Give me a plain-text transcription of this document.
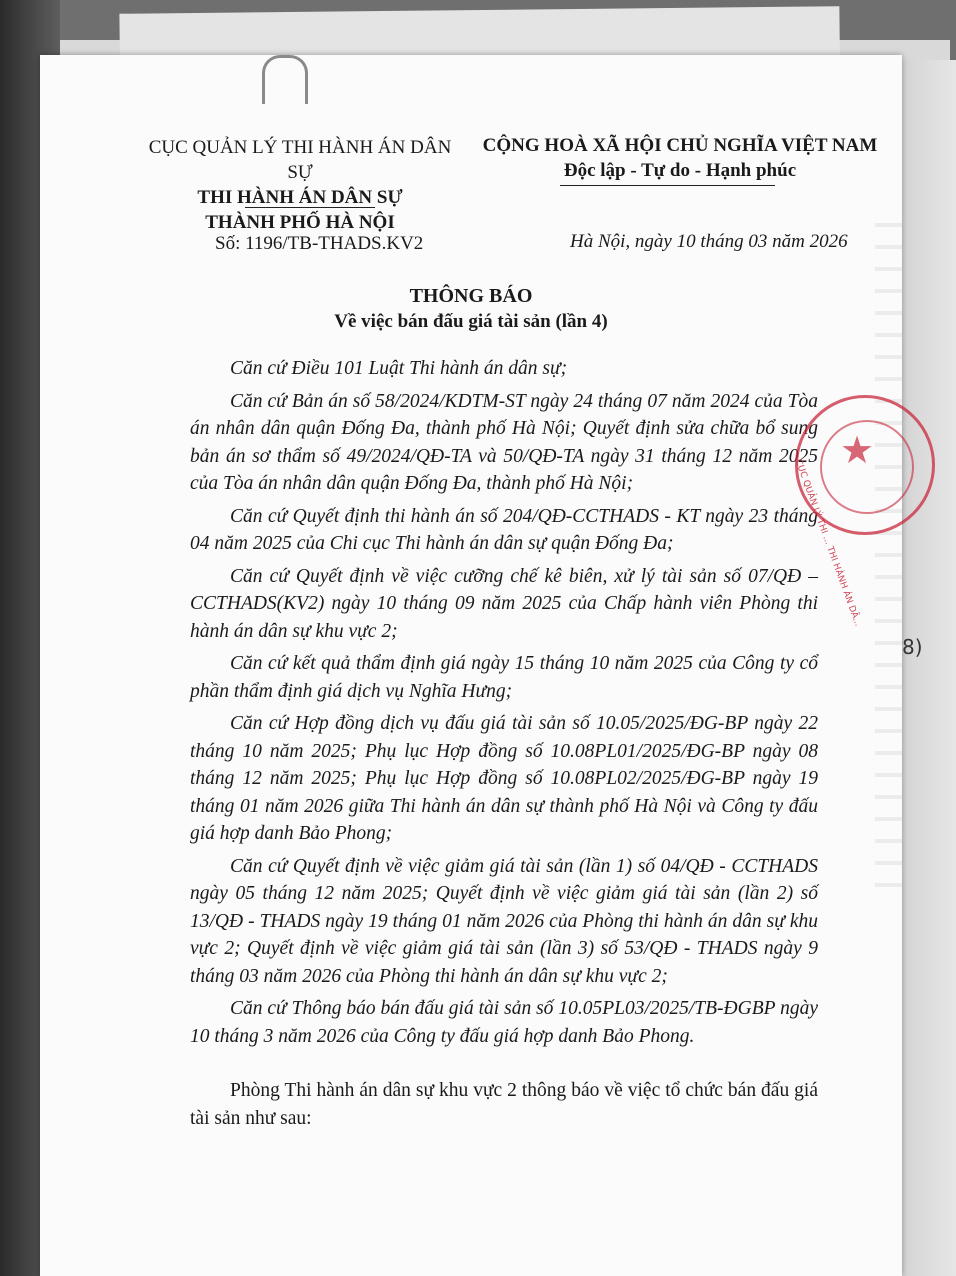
CỤC QUẢN LÝ THI HÀNH ÁN DÂN SỰ
THI HÀNH ÁN DÂN SỰ
THÀNH PHỐ HÀ NỘI
CỘNG HOÀ XÃ HỘI CHỦ NGHĨA VIỆT NAM
Độc lập - Tự do - Hạnh phúc
Số: 1196/TB-THADS.KV2	Hà Nội, ngày 10 tháng 03 năm 2026
THÔNG BÁO
Về việc bán đấu giá tài sản (lần 4)

Căn cứ Điều 101 Luật Thi hành án dân sự;

Căn cứ Bản án số 58/2024/KDTM-ST ngày 24 tháng 07 năm 2024 của Tòa án nhân dân quận Đống Đa, thành phố Hà Nội; Quyết định sửa chữa bổ sung bản án sơ thẩm số 49/2024/QĐ-TA và 50/QĐ-TA ngày 31 tháng 12 năm 2025 của Tòa án nhân dân quận Đống Đa, thành phố Hà Nội;

Căn cứ Quyết định thi hành án số 204/QĐ-CCTHADS - KT ngày 23 tháng 04 năm 2025 của Chi cục Thi hành án dân sự quận Đống Đa;

Căn cứ Quyết định về việc cưỡng chế kê biên, xử lý tài sản số 07/QĐ – CCTHADS(KV2) ngày 10 tháng 09 năm 2025 của Chấp hành viên Phòng thi hành án dân sự khu vực 2;

Căn cứ kết quả thẩm định giá ngày 15 tháng 10 năm 2025 của Công ty cổ phần thẩm định giá dịch vụ Nghĩa Hưng;

Căn cứ Hợp đồng dịch vụ đấu giá tài sản số 10.05/2025/ĐG-BP ngày 22 tháng 10 năm 2025; Phụ lục Hợp đồng số 10.08PL01/2025/ĐG-BP ngày 08 tháng 12 năm 2025; Phụ lục Hợp đồng số 10.08PL02/2025/ĐG-BP ngày 19 tháng 01 năm 2026 giữa Thi hành án dân sự thành phố Hà Nội và Công ty đấu giá hợp danh Bảo Phong;

Căn cứ Quyết định về việc giảm giá tài sản (lần 1) số 04/QĐ - CCTHADS ngày 05 tháng 12 năm 2025; Quyết định về việc giảm giá tài sản (lần 2) số 13/QĐ - THADS ngày 19 tháng 01 năm 2026 của Phòng thi hành án dân sự khu vực 2; Quyết định về việc giảm giá tài sản (lần 3) số 53/QĐ - THADS ngày 9 tháng 03 năm 2026 của Phòng thi hành án dân sự khu vực 2;

Căn cứ Thông báo bán đấu giá tài sản số 10.05PL03/2025/TB-ĐGBP ngày 10 tháng 3 năm 2026 của Công ty đấu giá hợp danh Bảo Phong.

Phòng Thi hành án dân sự khu vực 2 thông báo về việc tổ chức bán đấu giá tài sản như sau:

8)
★
CỤC QUẢN LÝ THI ... THI HÀNH ÁN DÂ...
